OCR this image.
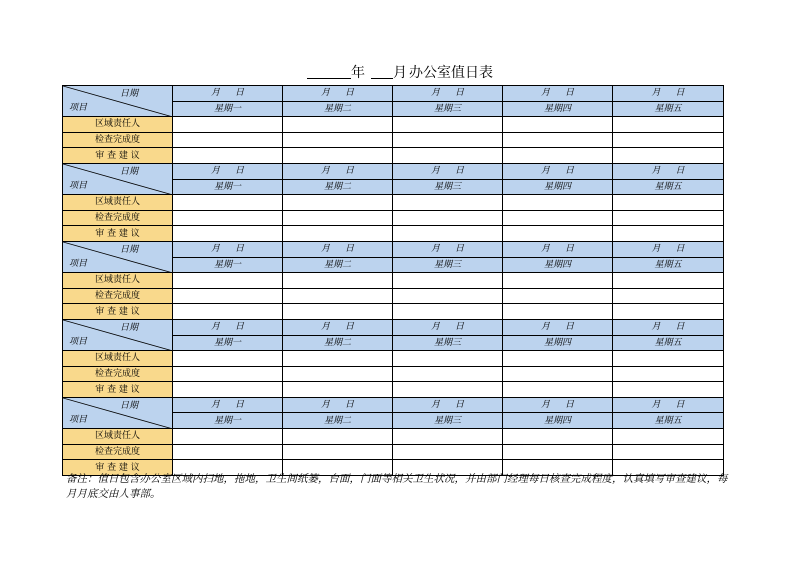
年 月 办公室值日表
日期
项目	月 日	月 日	月 日	月 日	月 日
	星期一	星期二	星期三	星期四	星期五
区域责任人					
检查完成度					
审 查 建 议					

日期
项目	月 日	月 日	月 日	月 日	月 日
	星期一	星期二	星期三	星期四	星期五
区域责任人					
检查完成度					
审 查 建 议					

日期
项目	月 日	月 日	月 日	月 日	月 日
	星期一	星期二	星期三	星期四	星期五
区域责任人					
检查完成度					
审 查 建 议					

日期
项目	月 日	月 日	月 日	月 日	月 日
	星期一	星期二	星期三	星期四	星期五
区域责任人					
检查完成度					
审 查 建 议					

日期
项目	月 日	月 日	月 日	月 日	月 日
	星期一	星期二	星期三	星期四	星期五
区域责任人					
检查完成度					
审 查 建 议					
备注：值日包含办公室区域内扫地，拖地，卫生间纸篓，台面，门面等相关卫生状况，并由部门经理每日核查完成程度，认真填写审查建议，每月月底交由人事部。
